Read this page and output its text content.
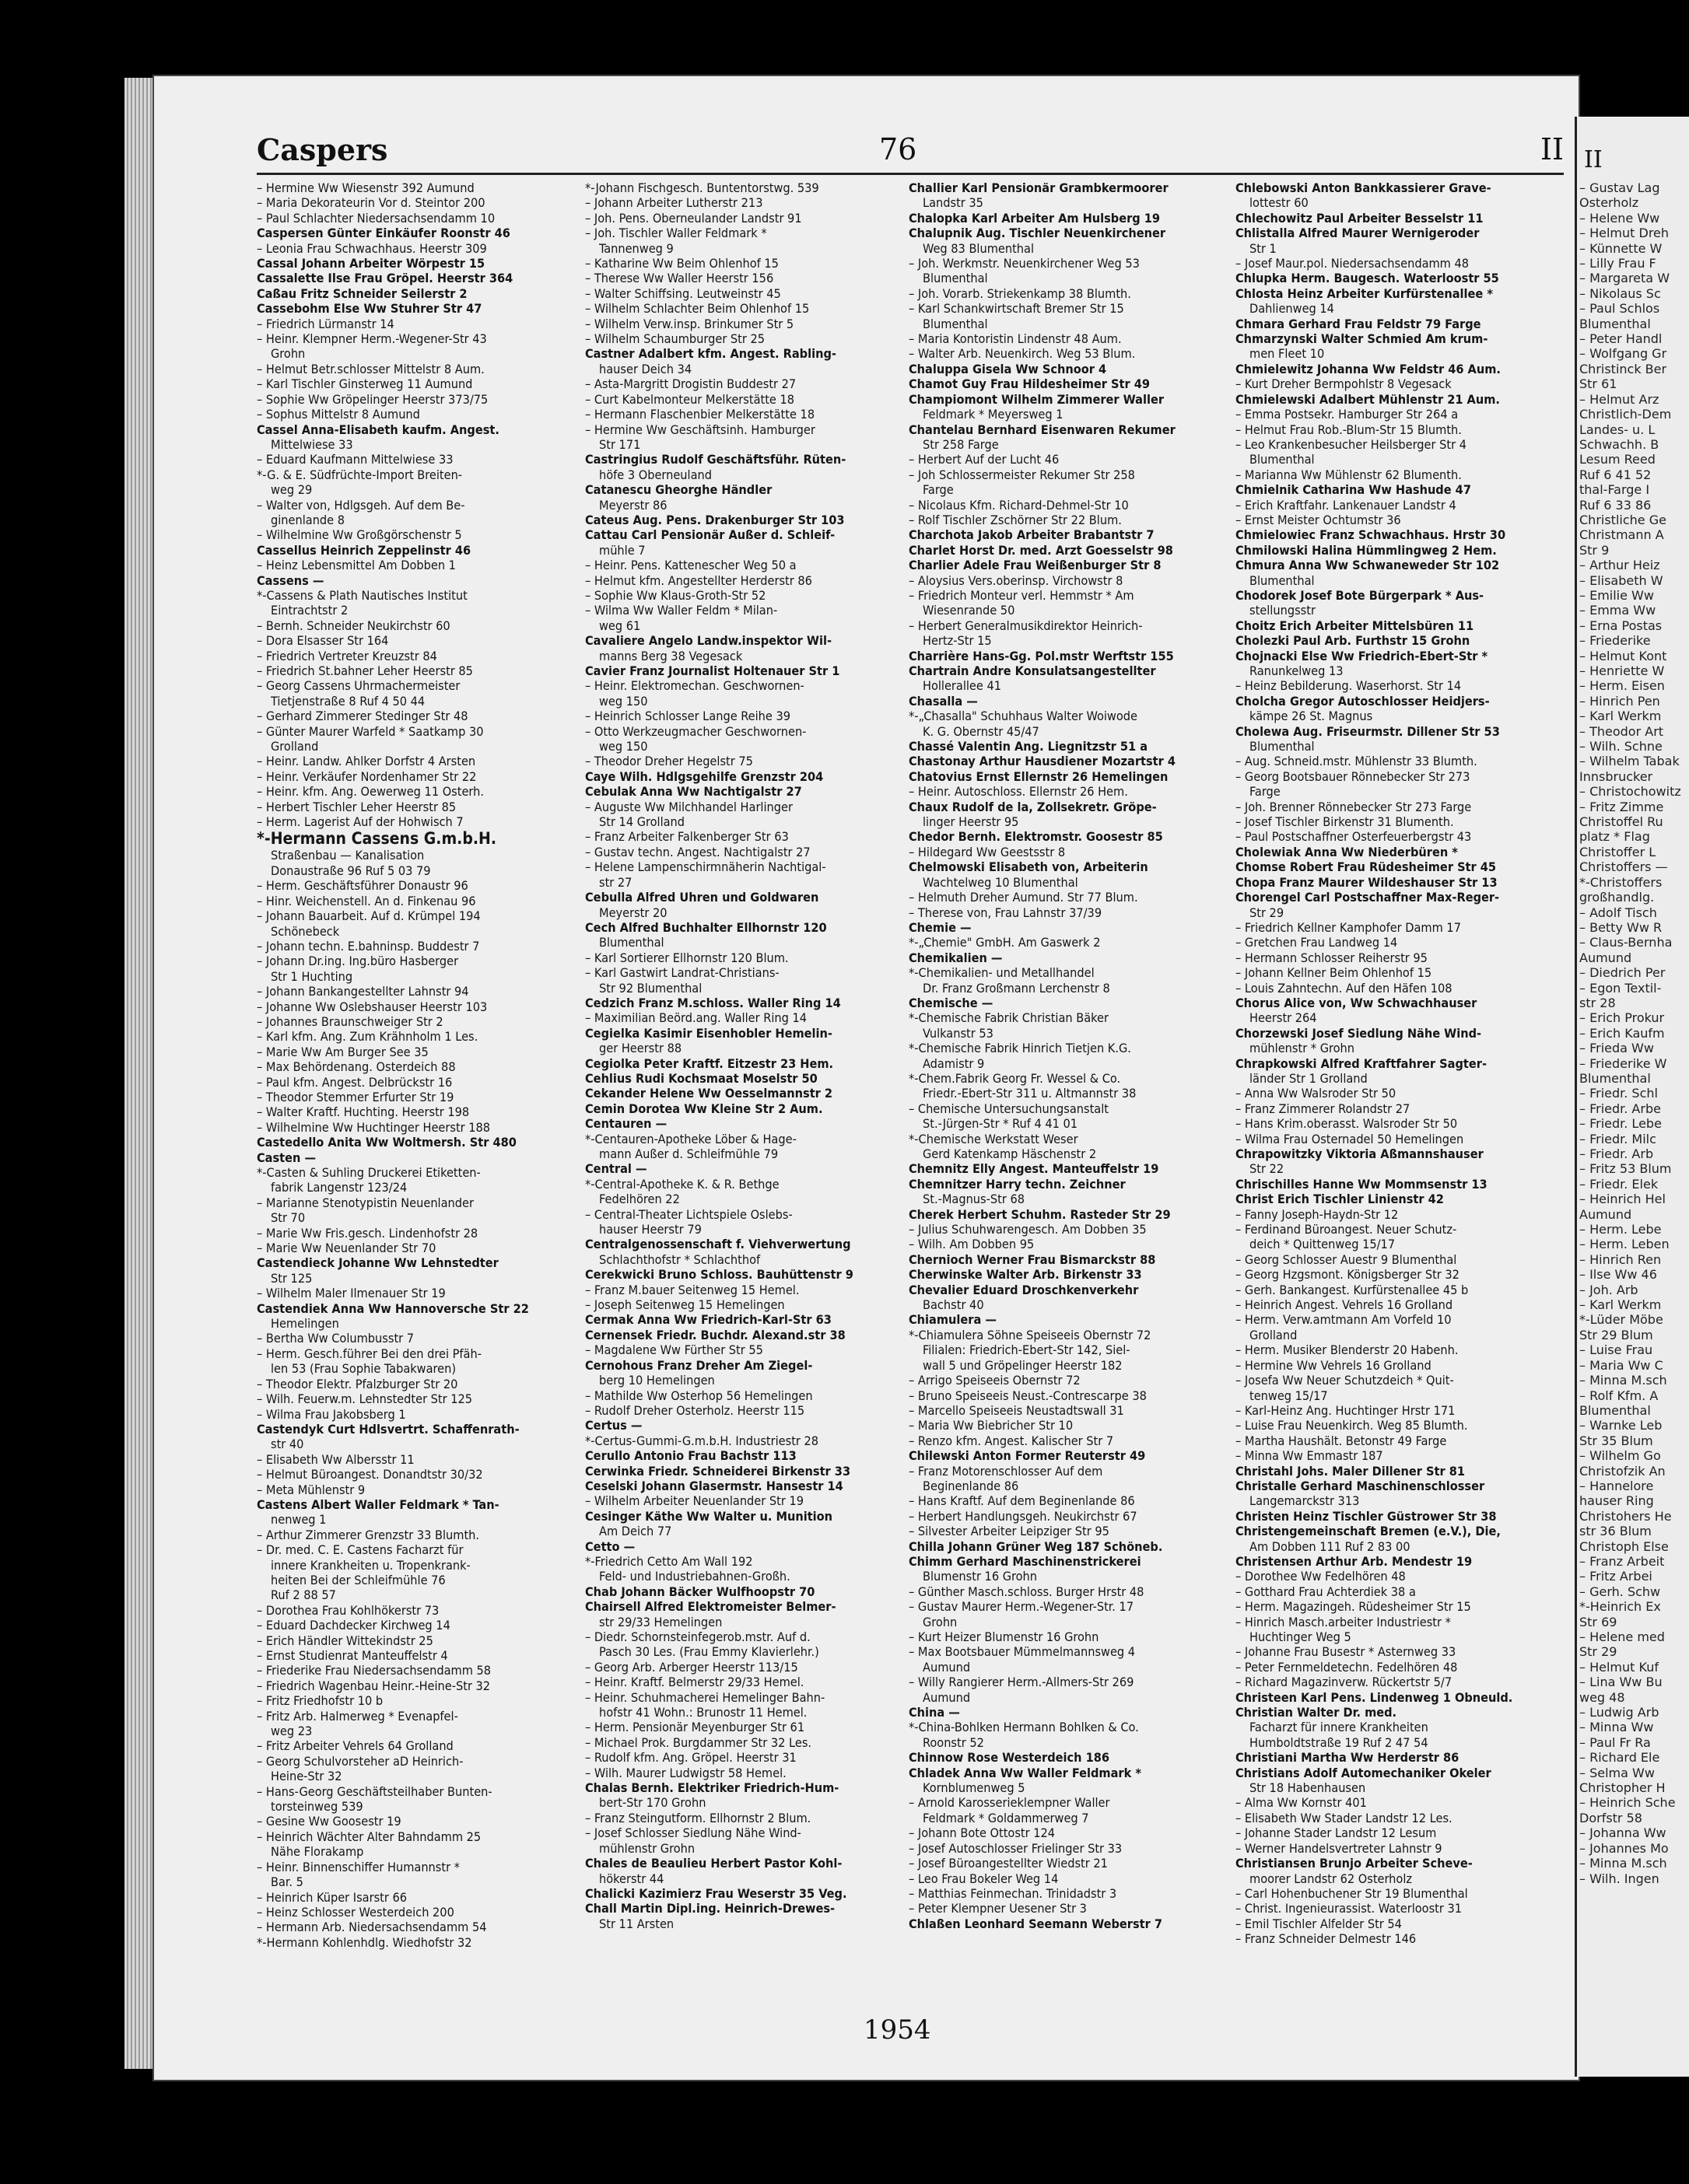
Caspers	76	II
– Hermine Ww Wiesenstr 392 Aumund
– Maria Dekorateurin Vor d. Steintor 200
– Paul Schlachter Niedersachsendamm 10
Caspersen Günter Einkäufer Roonstr 46
– Leonia Frau Schwachhaus. Heerstr 309
Cassal Johann Arbeiter Wörpestr 15
Cassalette Ilse Frau Gröpel. Heerstr 364
Caßau Fritz Schneider Seilerstr 2
Cassebohm Else Ww Stuhrer Str 47
– Friedrich Lürmanstr 14
– Heinr. Klempner Herm.-Wegener-Str 43
Grohn
– Helmut Betr.schlosser Mittelstr 8 Aum.
– Karl Tischler Ginsterweg 11 Aumund
– Sophie Ww Gröpelinger Heerstr 373/75
– Sophus Mittelstr 8 Aumund
Cassel Anna-Elisabeth kaufm. Angest.
Mittelwiese 33
– Eduard Kaufmann Mittelwiese 33
*-G. & E. Südfrüchte-Import Breiten-
weg 29
– Walter von, Hdlgsgeh. Auf dem Be-
ginenlande 8
– Wilhelmine Ww Großgörschenstr 5
Cassellus Heinrich Zeppelinstr 46
– Heinz Lebensmittel Am Dobben 1
Cassens —
*-Cassens & Plath Nautisches Institut
Eintrachtstr 2
– Bernh. Schneider Neukirchstr 60
– Dora Elsasser Str 164
– Friedrich Vertreter Kreuzstr 84
– Friedrich St.bahner Leher Heerstr 85
– Georg Cassens Uhrmachermeister
Tietjenstraße 8 Ruf 4 50 44
– Gerhard Zimmerer Stedinger Str 48
– Günter Maurer Warfeld * Saatkamp 30
Grolland
– Heinr. Landw. Ahlker Dorfstr 4 Arsten
– Heinr. Verkäufer Nordenhamer Str 22
– Heinr. kfm. Ang. Oewerweg 11 Osterh.
– Herbert Tischler Leher Heerstr 85
– Herm. Lagerist Auf der Hohwisch 7
*-Hermann Cassens G.m.b.H.
Straßenbau — Kanalisation
Donaustraße 96 Ruf 5 03 79
– Herm. Geschäftsführer Donaustr 96
– Hinr. Weichenstell. An d. Finkenau 96
– Johann Bauarbeit. Auf d. Krümpel 194
Schönebeck
– Johann techn. E.bahninsp. Buddestr 7
– Johann Dr.ing. Ing.büro Hasberger
Str 1 Huchting
– Johann Bankangestellter Lahnstr 94
– Johanne Ww Oslebshauser Heerstr 103
– Johannes Braunschweiger Str 2
– Karl kfm. Ang. Zum Krähnholm 1 Les.
– Marie Ww Am Burger See 35
– Max Behördenang. Osterdeich 88
– Paul kfm. Angest. Delbrückstr 16
– Theodor Stemmer Erfurter Str 19
– Walter Kraftf. Huchting. Heerstr 198
– Wilhelmine Ww Huchtinger Heerstr 188
Castedello Anita Ww Woltmersh. Str 480
Casten —
*-Casten & Suhling Druckerei Etiketten-
fabrik Langenstr 123/24
– Marianne Stenotypistin Neuenlander
Str 70
– Marie Ww Fris.gesch. Lindenhofstr 28
– Marie Ww Neuenlander Str 70
Castendieck Johanne Ww Lehnstedter
Str 125
– Wilhelm Maler Ilmenauer Str 19
Castendiek Anna Ww Hannoversche Str 22
Hemelingen
– Bertha Ww Columbusstr 7
– Herm. Gesch.führer Bei den drei Pfäh-
len 53 (Frau Sophie Tabakwaren)
– Theodor Elektr. Pfalzburger Str 20
– Wilh. Feuerw.m. Lehnstedter Str 125
– Wilma Frau Jakobsberg 1
Castendyk Curt Hdlsvertrt. Schaffenrath-
str 40
– Elisabeth Ww Albersstr 11
– Helmut Büroangest. Donandtstr 30/32
– Meta Mühlenstr 9
Castens Albert Waller Feldmark * Tan-
nenweg 1
– Arthur Zimmerer Grenzstr 33 Blumth.
– Dr. med. C. E. Castens Facharzt für
innere Krankheiten u. Tropenkrank-
heiten Bei der Schleifmühle 76
Ruf 2 88 57
– Dorothea Frau Kohlhökerstr 73
– Eduard Dachdecker Kirchweg 14
– Erich Händler Wittekindstr 25
– Ernst Studienrat Manteuffelstr 4
– Friederike Frau Niedersachsendamm 58
– Friedrich Wagenbau Heinr.-Heine-Str 32
– Fritz Friedhofstr 10 b
– Fritz Arb. Halmerweg * Evenapfel-
weg 23
– Fritz Arbeiter Vehrels 64 Grolland
– Georg Schulvorsteher aD Heinrich-
Heine-Str 32
– Hans-Georg Geschäftsteilhaber Bunten-
torsteinweg 539
– Gesine Ww Goosestr 19
– Heinrich Wächter Alter Bahndamm 25
Nähe Florakamp
– Heinr. Binnenschiffer Humannstr *
Bar. 5
– Heinrich Küper Isarstr 66
– Heinz Schlosser Westerdeich 200
– Hermann Arb. Niedersachsendamm 54
*-Hermann Kohlenhdlg. Wiedhofstr 32
*-Johann Fischgesch. Buntentorstwg. 539
– Johann Arbeiter Lutherstr 213
– Joh. Pens. Oberneulander Landstr 91
– Joh. Tischler Waller Feldmark *
Tannenweg 9
– Katharine Ww Beim Ohlenhof 15
– Therese Ww Waller Heerstr 156
– Walter Schiffsing. Leutweinstr 45
– Wilhelm Schlachter Beim Ohlenhof 15
– Wilhelm Verw.insp. Brinkumer Str 5
– Wilhelm Schaumburger Str 25
Castner Adalbert kfm. Angest. Rabling-
hauser Deich 34
– Asta-Margritt Drogistin Buddestr 27
– Curt Kabelmonteur Melkerstätte 18
– Hermann Flaschenbier Melkerstätte 18
– Hermine Ww Geschäftsinh. Hamburger
Str 171
Castringius Rudolf Geschäftsführ. Rüten-
höfe 3 Oberneuland
Catanescu Gheorghe Händler
Meyerstr 86
Cateus Aug. Pens. Drakenburger Str 103
Cattau Carl Pensionär Außer d. Schleif-
mühle 7
– Heinr. Pens. Kattenescher Weg 50 a
– Helmut kfm. Angestellter Herderstr 86
– Sophie Ww Klaus-Groth-Str 52
– Wilma Ww Waller Feldm * Milan-
weg 61
Cavaliere Angelo Landw.inspektor Wil-
manns Berg 38 Vegesack
Cavier Franz Journalist Holtenauer Str 1
– Heinr. Elektromechan. Geschwornen-
weg 150
– Heinrich Schlosser Lange Reihe 39
– Otto Werkzeugmacher Geschwornen-
weg 150
– Theodor Dreher Hegelstr 75
Caye Wilh. Hdlgsgehilfe Grenzstr 204
Cebulak Anna Ww Nachtigalstr 27
– Auguste Ww Milchhandel Harlinger
Str 14 Grolland
– Franz Arbeiter Falkenberger Str 63
– Gustav techn. Angest. Nachtigalstr 27
– Helene Lampenschirmnäherin Nachtigal-
str 27
Cebulla Alfred Uhren und Goldwaren
Meyerstr 20
Cech Alfred Buchhalter Ellhornstr 120
Blumenthal
– Karl Sortierer Ellhornstr 120 Blum.
– Karl Gastwirt Landrat-Christians-
Str 92 Blumenthal
Cedzich Franz M.schloss. Waller Ring 14
– Maximilian Beörd.ang. Waller Ring 14
Cegielka Kasimir Eisenhobler Hemelin-
ger Heerstr 88
Cegiolka Peter Kraftf. Eitzestr 23 Hem.
Cehlius Rudi Kochsmaat Moselstr 50
Cekander Helene Ww Oesselmannstr 2
Cemin Dorotea Ww Kleine Str 2 Aum.
Centauren —
*-Centauren-Apotheke Löber & Hage-
mann Außer d. Schleifmühle 79
Central —
*-Central-Apotheke K. & R. Bethge
Fedelhören 22
– Central-Theater Lichtspiele Oslebs-
hauser Heerstr 79
Centralgenossenschaft f. Viehverwertung
Schlachthofstr * Schlachthof
Cerekwicki Bruno Schloss. Bauhüttenstr 9
– Franz M.bauer Seitenweg 15 Hemel.
– Joseph Seitenweg 15 Hemelingen
Cermak Anna Ww Friedrich-Karl-Str 63
Cernensek Friedr. Buchdr. Alexand.str 38
– Magdalene Ww Fürther Str 55
Cernohous Franz Dreher Am Ziegel-
berg 10 Hemelingen
– Mathilde Ww Osterhop 56 Hemelingen
– Rudolf Dreher Osterholz. Heerstr 115
Certus —
*-Certus-Gummi-G.m.b.H. Industriestr 28
Cerullo Antonio Frau Bachstr 113
Cerwinka Friedr. Schneiderei Birkenstr 33
Ceselski Johann Glasermstr. Hansestr 14
– Wilhelm Arbeiter Neuenlander Str 19
Cesinger Käthe Ww Walter u. Munition
Am Deich 77
Cetto —
*-Friedrich Cetto Am Wall 192
Feld- und Industriebahnen-Großh.
Chab Johann Bäcker Wulfhoopstr 70
Chairsell Alfred Elektromeister Belmer-
str 29/33 Hemelingen
– Diedr. Schornsteinfegerob.mstr. Auf d.
Pasch 30 Les. (Frau Emmy Klavierlehr.)
– Georg Arb. Arberger Heerstr 113/15
– Heinr. Kraftf. Belmerstr 29/33 Hemel.
– Heinr. Schuhmacherei Hemelinger Bahn-
hofstr 41 Wohn.: Brunostr 11 Hemel.
– Herm. Pensionär Meyenburger Str 61
– Michael Prok. Burgdammer Str 32 Les.
– Rudolf kfm. Ang. Gröpel. Heerstr 31
– Wilh. Maurer Ludwigstr 58 Hemel.
Chalas Bernh. Elektriker Friedrich-Hum-
bert-Str 170 Grohn
– Franz Steingutform. Ellhornstr 2 Blum.
– Josef Schlosser Siedlung Nähe Wind-
mühlenstr Grohn
Chales de Beaulieu Herbert Pastor Kohl-
hökerstr 44
Chalicki Kazimierz Frau Weserstr 35 Veg.
Chall Martin Dipl.ing. Heinrich-Drewes-
Str 11 Arsten
Challier Karl Pensionär Grambkermoorer
Landstr 35
Chalopka Karl Arbeiter Am Hulsberg 19
Chalupnik Aug. Tischler Neuenkirchener
Weg 83 Blumenthal
– Joh. Werkmstr. Neuenkirchener Weg 53
Blumenthal
– Joh. Vorarb. Striekenkamp 38 Blumth.
– Karl Schankwirtschaft Bremer Str 15
Blumenthal
– Maria Kontoristin Lindenstr 48 Aum.
– Walter Arb. Neuenkirch. Weg 53 Blum.
Chaluppa Gisela Ww Schnoor 4
Chamot Guy Frau Hildesheimer Str 49
Champiomont Wilhelm Zimmerer Waller
Feldmark * Meyersweg 1
Chantelau Bernhard Eisenwaren Rekumer
Str 258 Farge
– Herbert Auf der Lucht 46
– Joh Schlossermeister Rekumer Str 258
Farge
– Nicolaus Kfm. Richard-Dehmel-Str 10
– Rolf Tischler Zschörner Str 22 Blum.
Charchota Jakob Arbeiter Brabantstr 7
Charlet Horst Dr. med. Arzt Goesselstr 98
Charlier Adele Frau Weißenburger Str 8
– Aloysius Vers.oberinsp. Virchowstr 8
– Friedrich Monteur verl. Hemmstr * Am
Wiesenrande 50
– Herbert Generalmusikdirektor Heinrich-
Hertz-Str 15
Charrière Hans-Gg. Pol.mstr Werftstr 155
Chartrain Andre Konsulatsangestellter
Hollerallee 41
Chasalla —
*-„Chasalla" Schuhhaus Walter Woiwode
K. G. Obernstr 45/47
Chassé Valentin Ang. Liegnitzstr 51 a
Chastonay Arthur Hausdiener Mozartstr 4
Chatovius Ernst Ellernstr 26 Hemelingen
– Heinr. Autoschloss. Ellernstr 26 Hem.
Chaux Rudolf de la, Zollsekretr. Gröpe-
linger Heerstr 95
Chedor Bernh. Elektromstr. Goosestr 85
– Hildegard Ww Geestsstr 8
Chelmowski Elisabeth von, Arbeiterin
Wachtelweg 10 Blumenthal
– Helmuth Dreher Aumund. Str 77 Blum.
– Therese von, Frau Lahnstr 37/39
Chemie —
*-„Chemie" GmbH. Am Gaswerk 2
Chemikalien —
*-Chemikalien- und Metallhandel
Dr. Franz Großmann Lerchenstr 8
Chemische —
*-Chemische Fabrik Christian Bäker
Vulkanstr 53
*-Chemische Fabrik Hinrich Tietjen K.G.
Adamistr 9
*-Chem.Fabrik Georg Fr. Wessel & Co.
Friedr.-Ebert-Str 311 u. Altmannstr 38
– Chemische Untersuchungsanstalt
St.-Jürgen-Str * Ruf 4 41 01
*-Chemische Werkstatt Weser
Gerd Katenkamp Häschenstr 2
Chemnitz Elly Angest. Manteuffelstr 19
Chemnitzer Harry techn. Zeichner
St.-Magnus-Str 68
Cherek Herbert Schuhm. Rasteder Str 29
– Julius Schuhwarengesch. Am Dobben 35
– Wilh. Am Dobben 95
Chernioch Werner Frau Bismarckstr 88
Cherwinske Walter Arb. Birkenstr 33
Chevalier Eduard Droschkenverkehr
Bachstr 40
Chiamulera —
*-Chiamulera Söhne Speiseeis Obernstr 72
Filialen: Friedrich-Ebert-Str 142, Siel-
wall 5 und Gröpelinger Heerstr 182
– Arrigo Speiseeis Obernstr 72
– Bruno Speiseeis Neust.-Contrescarpe 38
– Marcello Speiseeis Neustadtswall 31
– Maria Ww Biebricher Str 10
– Renzo kfm. Angest. Kalischer Str 7
Chilewski Anton Former Reuterstr 49
– Franz Motorenschlosser Auf dem
Beginenlande 86
– Hans Kraftf. Auf dem Beginenlande 86
– Herbert Handlungsgeh. Neukirchstr 67
– Silvester Arbeiter Leipziger Str 95
Chilla Johann Grüner Weg 187 Schöneb.
Chimm Gerhard Maschinenstrickerei
Blumenstr 16 Grohn
– Günther Masch.schloss. Burger Hrstr 48
– Gustav Maurer Herm.-Wegener-Str. 17
Grohn
– Kurt Heizer Blumenstr 16 Grohn
– Max Bootsbauer Mümmelmannsweg 4
Aumund
– Willy Rangierer Herm.-Allmers-Str 269
Aumund
China —
*-China-Bohlken Hermann Bohlken & Co.
Roonstr 52
Chinnow Rose Westerdeich 186
Chladek Anna Ww Waller Feldmark *
Kornblumenweg 5
– Arnold Karosserieklempner Waller
Feldmark * Goldammerweg 7
– Johann Bote Ottostr 124
– Josef Autoschlosser Frielinger Str 33
– Josef Büroangestellter Wiedstr 21
– Leo Frau Bokeler Weg 14
– Matthias Feinmechan. Trinidadstr 3
– Peter Klempner Uesener Str 3
Chlaßen Leonhard Seemann Weberstr 7
Chlebowski Anton Bankkassierer Grave-
lottestr 60
Chlechowitz Paul Arbeiter Besselstr 11
Chlistalla Alfred Maurer Wernigeroder
Str 1
– Josef Maur.pol. Niedersachsendamm 48
Chlupka Herm. Baugesch. Waterloostr 55
Chlosta Heinz Arbeiter Kurfürstenallee *
Dahlienweg 14
Chmara Gerhard Frau Feldstr 79 Farge
Chmarzynski Walter Schmied Am krum-
men Fleet 10
Chmielewitz Johanna Ww Feldstr 46 Aum.
– Kurt Dreher Bermpohlstr 8 Vegesack
Chmielewski Adalbert Mühlenstr 21 Aum.
– Emma Postsekr. Hamburger Str 264 a
– Helmut Frau Rob.-Blum-Str 15 Blumth.
– Leo Krankenbesucher Heilsberger Str 4
Blumenthal
– Marianna Ww Mühlenstr 62 Blumenth.
Chmielnik Catharina Ww Hashude 47
– Erich Kraftfahr. Lankenauer Landstr 4
– Ernst Meister Ochtumstr 36
Chmielowiec Franz Schwachhaus. Hrstr 30
Chmilowski Halina Hümmlingweg 2 Hem.
Chmura Anna Ww Schwaneweder Str 102
Blumenthal
Chodorek Josef Bote Bürgerpark * Aus-
stellungsstr
Choitz Erich Arbeiter Mittelsbüren 11
Cholezki Paul Arb. Furthstr 15 Grohn
Chojnacki Else Ww Friedrich-Ebert-Str *
Ranunkelweg 13
– Heinz Bebilderung. Waserhorst. Str 14
Cholcha Gregor Autoschlosser Heidjers-
kämpe 26 St. Magnus
Cholewa Aug. Friseurmstr. Dillener Str 53
Blumenthal
– Aug. Schneid.mstr. Mühlenstr 33 Blumth.
– Georg Bootsbauer Rönnebecker Str 273
Farge
– Joh. Brenner Rönnebecker Str 273 Farge
– Josef Tischler Birkenstr 31 Blumenth.
– Paul Postschaffner Osterfeuerbergstr 43
Cholewiak Anna Ww Niederbüren *
Chomse Robert Frau Rüdesheimer Str 45
Chopa Franz Maurer Wildeshauser Str 13
Chorengel Carl Postschaffner Max-Reger-
Str 29
– Friedrich Kellner Kamphofer Damm 17
– Gretchen Frau Landweg 14
– Hermann Schlosser Reiherstr 95
– Johann Kellner Beim Ohlenhof 15
– Louis Zahntechn. Auf den Häfen 108
Chorus Alice von, Ww Schwachhauser
Heerstr 264
Chorzewski Josef Siedlung Nähe Wind-
mühlenstr * Grohn
Chrapkowski Alfred Kraftfahrer Sagter-
länder Str 1 Grolland
– Anna Ww Walsroder Str 50
– Franz Zimmerer Rolandstr 27
– Hans Krim.oberasst. Walsroder Str 50
– Wilma Frau Osternadel 50 Hemelingen
Chrapowitzky Viktoria Aßmannshauser
Str 22
Chrischilles Hanne Ww Mommsenstr 13
Christ Erich Tischler Linienstr 42
– Fanny Joseph-Haydn-Str 12
– Ferdinand Büroangest. Neuer Schutz-
deich * Quittenweg 15/17
– Georg Schlosser Auestr 9 Blumenthal
– Georg Hzgsmont. Königsberger Str 32
– Gerh. Bankangest. Kurfürstenallee 45 b
– Heinrich Angest. Vehrels 16 Grolland
– Herm. Verw.amtmann Am Vorfeld 10
Grolland
– Herm. Musiker Blenderstr 20 Habenh.
– Hermine Ww Vehrels 16 Grolland
– Josefa Ww Neuer Schutzdeich * Quit-
tenweg 15/17
– Karl-Heinz Ang. Huchtinger Hrstr 171
– Luise Frau Neuenkirch. Weg 85 Blumth.
– Martha Haushält. Betonstr 49 Farge
– Minna Ww Emmastr 187
Christahl Johs. Maler Dillener Str 81
Christalle Gerhard Maschinenschlosser
Langemarckstr 313
Christen Heinz Tischler Güstrower Str 38
Christengemeinschaft Bremen (e.V.), Die,
Am Dobben 111 Ruf 2 83 00
Christensen Arthur Arb. Mendestr 19
– Dorothee Ww Fedelhören 48
– Gotthard Frau Achterdiek 38 a
– Herm. Magazingeh. Rüdesheimer Str 15
– Hinrich Masch.arbeiter Industriestr *
Huchtinger Weg 5
– Johanne Frau Busestr * Asternweg 33
– Peter Fernmeldetechn. Fedelhören 48
– Richard Magazinverw. Rückertstr 5/7
Christeen Karl Pens. Lindenweg 1 Obneuld.
Christian Walter Dr. med.
Facharzt für innere Krankheiten
Humboldtstraße 19 Ruf 2 47 54
Christiani Martha Ww Herderstr 86
Christians Adolf Automechaniker Okeler
Str 18 Habenhausen
– Alma Ww Kornstr 401
– Elisabeth Ww Stader Landstr 12 Les.
– Johanne Stader Landstr 12 Lesum
– Werner Handelsvertreter Lahnstr 9
Christiansen Brunjo Arbeiter Scheve-
moorer Landstr 62 Osterholz
– Carl Hohenbuchener Str 19 Blumenthal
– Christ. Ingenieurassist. Waterloostr 31
– Emil Tischler Alfelder Str 54
– Franz Schneider Delmestr 146
II
– Gustav Lag
Osterholz
– Helene Ww
– Helmut Dreh
– Künnette W
– Lilly Frau F
– Margareta W
– Nikolaus Sc
– Paul Schlos
Blumenthal
– Peter Handl
– Wolfgang Gr
Christinck Ber
Str 61
– Helmut Arz
Christlich-Dem
Landes- u. L
Schwachh. B
Lesum Reed
Ruf 6 41 52
thal-Farge I
Ruf 6 33 86
Christliche Ge
Christmann A
Str 9
– Arthur Heiz
– Elisabeth W
– Emilie Ww
– Emma Ww
– Erna Postas
– Friederike
– Helmut Kont
– Henriette W
– Herm. Eisen
– Hinrich Pen
– Karl Werkm
– Theodor Art
– Wilh. Schne
– Wilhelm Tabak
Innsbrucker
– Christochowitz
– Fritz Zimme
Christoffel Ru
platz * Flag
Christoffer L
Christoffers —
*-Christoffers
großhandlg.
– Adolf Tisch
– Betty Ww R
– Claus-Bernha
Aumund
– Diedrich Per
– Egon Textil-
str 28
– Erich Prokur
– Erich Kaufm
– Frieda Ww
– Friederike W
Blumenthal
– Friedr. Schl
– Friedr. Arbe
– Friedr. Lebe
– Friedr. Milc
– Friedr. Arb
– Fritz 53 Blum
– Friedr. Elek
– Heinrich Hel
Aumund
– Herm. Lebe
– Herm. Leben
– Hinrich Ren
– Ilse Ww 46
– Joh. Arb
– Karl Werkm
*-Lüder Möbe
Str 29 Blum
– Luise Frau
– Maria Ww C
– Minna M.sch
– Rolf Kfm. A
Blumenthal
– Warnke Leb
Str 35 Blum
– Wilhelm Go
Christofzik An
– Hannelore
hauser Ring
Christohers He
str 36 Blum
Christoph Else
– Franz Arbeit
– Fritz Arbei
– Gerh. Schw
*-Heinrich Ex
Str 69
– Helene med
Str 29
– Helmut Kuf
– Lina Ww Bu
weg 48
– Ludwig Arb
– Minna Ww
– Paul Fr Ra
– Richard Ele
– Selma Ww
Christopher H
– Heinrich Sche
Dorfstr 58
– Johanna Ww
– Johannes Mo
– Minna M.sch
– Wilh. Ingen
1954
